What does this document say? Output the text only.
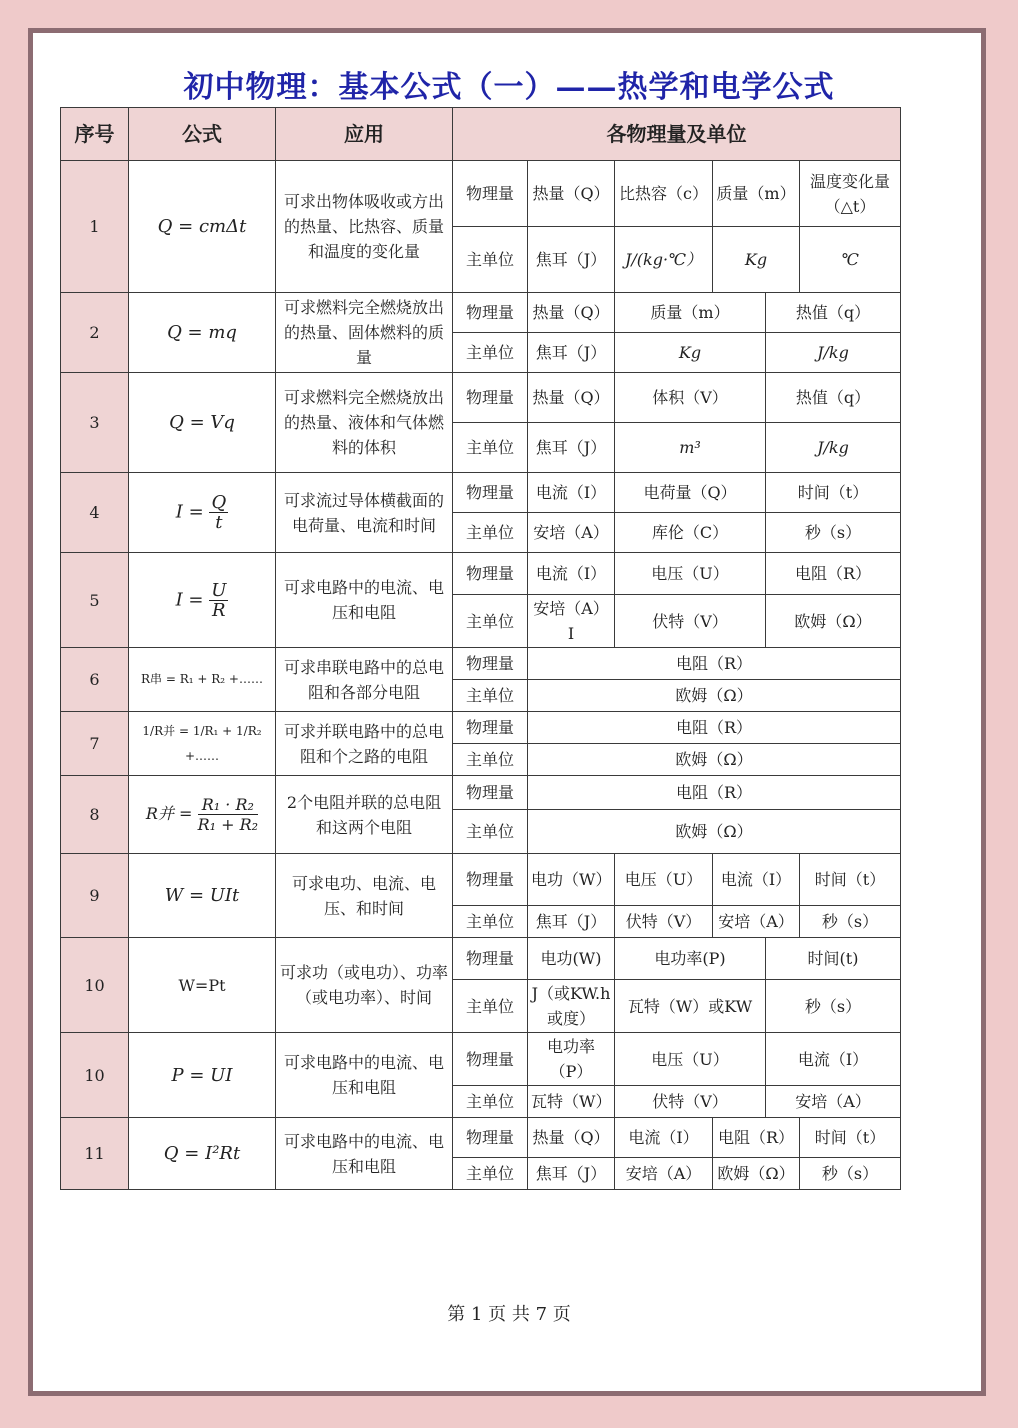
初中物理：基本公式（一）——热学和电学公式
序号	公式	应用	各物理量及单位					
1	Q = cmΔt	可求出物体吸收或方出的热量、比热容、质量和温度的变化量	物理量	热量（Q）	比热容（c）	质量（m）		温度变化量（△t）
			主单位	焦耳（J）	J/(kg·℃）	Kg		℃
2	Q = mq	可求燃料完全燃烧放出的热量、固体燃料的质量	物理量	热量（Q）	质量（m）		热值（q）	
			主单位	焦耳（J）	Kg		J/kg	
3	Q = Vq	可求燃料完全燃烧放出的热量、液体和气体燃料的体积	物理量	热量（Q）	体积（V）		热值（q）	
			主单位	焦耳（J）	m³		J/kg	
4	$I = \frac{Q}{t}$	可求流过导体横截面的电荷量、电流和时间	物理量	电流（I）	电荷量（Q）		时间（t）	
			主单位	安培（A）	库伦（C）		秒（s）	
5	$I = \frac{U}{R}$	可求电路中的电流、电压和电阻	物理量	电流（I）	电压（U）		电阻（R）	
			主单位	安培（A）I	伏特（V）		欧姆（Ω）	
6	R串 = R₁ + R₂ +……	可求串联电路中的总电阻和各部分电阻	物理量	电阻（R）				
			主单位	欧姆（Ω）				
7	1/R并 = 1/R₁ + 1/R₂ +……	可求并联电路中的总电阻和个之路的电阻	物理量	电阻（R）				
			主单位	欧姆（Ω）				
8	R并 = $\frac{\text{R₁ · R₂}}{\text{R₁ + R₂}}$	2个电阻并联的总电阻和这两个电阻	物理量	电阻（R）				
			主单位	欧姆（Ω）				
9	W = UIt	可求电功、电流、电压、和时间	物理量	电功（W）	电压（U）	电流（I）		时间（t）
			主单位	焦耳（J）	伏特（V）	安培（A）		秒（s）
10	W=Pt	可求功（或电功）、功率（或电功率）、时间	物理量	电功(W)	电功率(P)		时间(t)	
			主单位	J（或KW.h或度）	瓦特（W）或KW		秒（s）	
10	P = UI	可求电路中的电流、电压和电阻	物理量	电功率（P）	电压（U）		电流（I）	
			主单位	瓦特（W）	伏特（V）		安培（A）	
11	Q = I²Rt	可求电路中的电流、电压和电阻	物理量	热量（Q）	电流（I）	电阻（R）		时间（t）
			主单位	焦耳（J）	安培（A）	欧姆（Ω）		秒（s）
第 1 页 共 7 页
